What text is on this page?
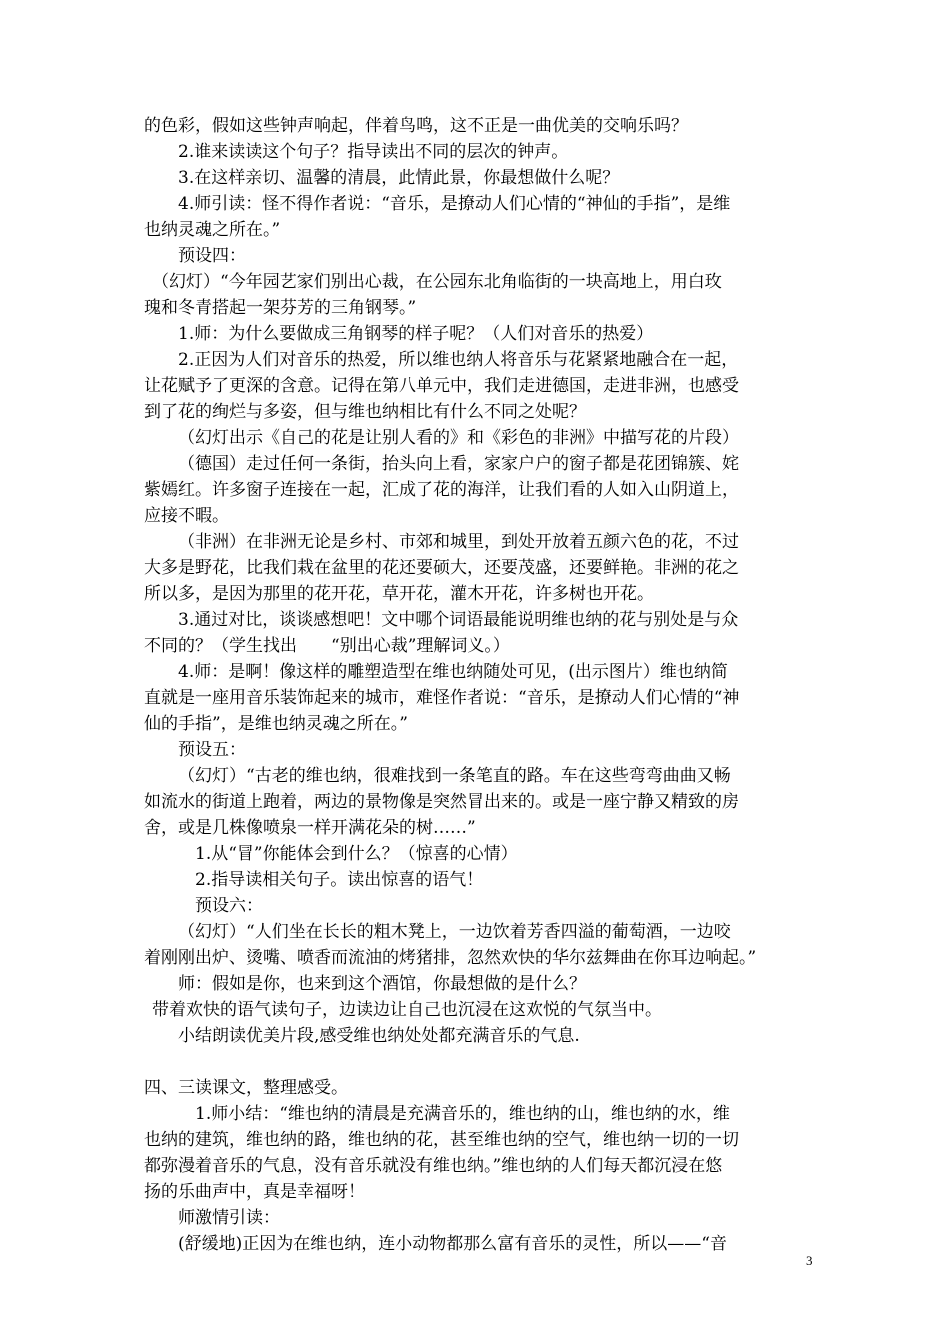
的色彩，假如这些钟声响起，伴着鸟鸣，这不正是一曲优美的交响乐吗？
2.谁来读读这个句子？指导读出不同的层次的钟声。
3.在这样亲切、温馨的清晨，此情此景，你最想做什么呢？
4.师引读：怪不得作者说：“音乐，是撩动人们心情的“神仙的手指”，是维
也纳灵魂之所在。”
预设四：
（幻灯）“今年园艺家们别出心裁，在公园东北角临街的一块高地上，用白玫
瑰和冬青搭起一架芬芳的三角钢琴。”
1.师：为什么要做成三角钢琴的样子呢？（人们对音乐的热爱）
2.正因为人们对音乐的热爱，所以维也纳人将音乐与花紧紧地融合在一起，
让花赋予了更深的含意。记得在第八单元中，我们走进德国，走进非洲，也感受
到了花的绚烂与多姿，但与维也纳相比有什么不同之处呢？
（幻灯出示《自己的花是让别人看的》和《彩色的非洲》中描写花的片段）
（德国）走过任何一条街，抬头向上看，家家户户的窗子都是花团锦簇、姹
紫嫣红。许多窗子连接在一起，汇成了花的海洋，让我们看的人如入山阴道上，
应接不暇。
（非洲）在非洲无论是乡村、市郊和城里，到处开放着五颜六色的花，不过
大多是野花，比我们栽在盆里的花还要硕大，还要茂盛，还要鲜艳。非洲的花之
所以多，是因为那里的花开花，草开花，灌木开花，许多树也开花。
3.通过对比，谈谈感想吧！文中哪个词语最能说明维也纳的花与别处是与众
不同的？（学生找出　　“别出心裁”理解词义。）
4.师：是啊！像这样的雕塑造型在维也纳随处可见，(出示图片）维也纳简
直就是一座用音乐装饰起来的城市，难怪作者说：“音乐，是撩动人们心情的“神
仙的手指”，是维也纳灵魂之所在。”
预设五：
（幻灯）“古老的维也纳，很难找到一条笔直的路。车在这些弯弯曲曲又畅
如流水的街道上跑着，两边的景物像是突然冒出来的。或是一座宁静又精致的房
舍，或是几株像喷泉一样开满花朵的树……”
1.从“冒”你能体会到什么？（惊喜的心情）
2.指导读相关句子。读出惊喜的语气！
预设六：
（幻灯）“人们坐在长长的粗木凳上，一边饮着芳香四溢的葡萄酒，一边咬
着刚刚出炉、烫嘴、喷香而流油的烤猪排，忽然欢快的华尔兹舞曲在你耳边响起。”
师：假如是你，也来到这个酒馆，你最想做的是什么？
带着欢快的语气读句子，边读边让自己也沉浸在这欢悦的气氛当中。
小结朗读优美片段,感受维也纳处处都充满音乐的气息.
四、三读课文，整理感受。
1.师小结：“维也纳的清晨是充满音乐的，维也纳的山，维也纳的水，维
也纳的建筑，维也纳的路，维也纳的花，甚至维也纳的空气，维也纳一切的一切
都弥漫着音乐的气息，没有音乐就没有维也纳。”维也纳的人们每天都沉浸在悠
扬的乐曲声中，真是幸福呀！
师激情引读：
(舒缓地)正因为在维也纳，连小动物都那么富有音乐的灵性，所以——“音
3
